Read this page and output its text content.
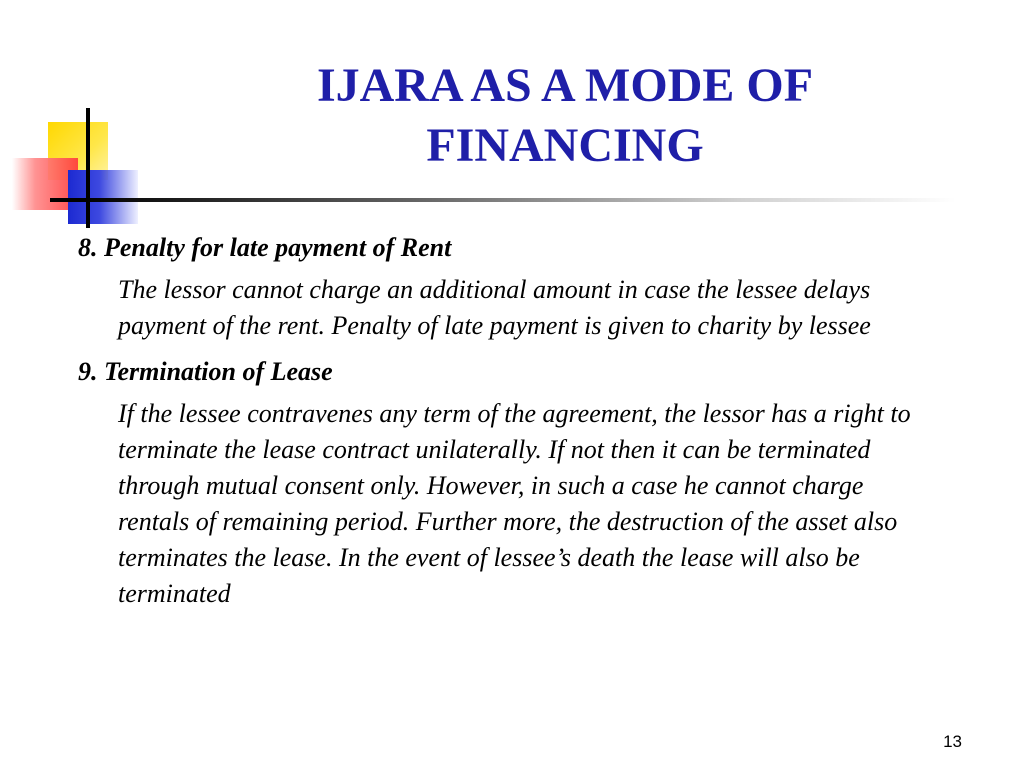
IJARA AS A MODE OF
FINANCING

8. Penalty for late payment of Rent

The lessor cannot charge an additional amount in case the lessee delays payment of the rent. Penalty of late payment is given to charity by lessee

9. Termination of Lease

If the lessee contravenes any term of the agreement, the lessor has a right to terminate the lease contract unilaterally. If not then it can be terminated through mutual consent only. However, in such a case he cannot charge rentals of remaining period. Further more, the destruction of the asset also terminates the lease. In the event of lessee’s death the lease will also be terminated

13
